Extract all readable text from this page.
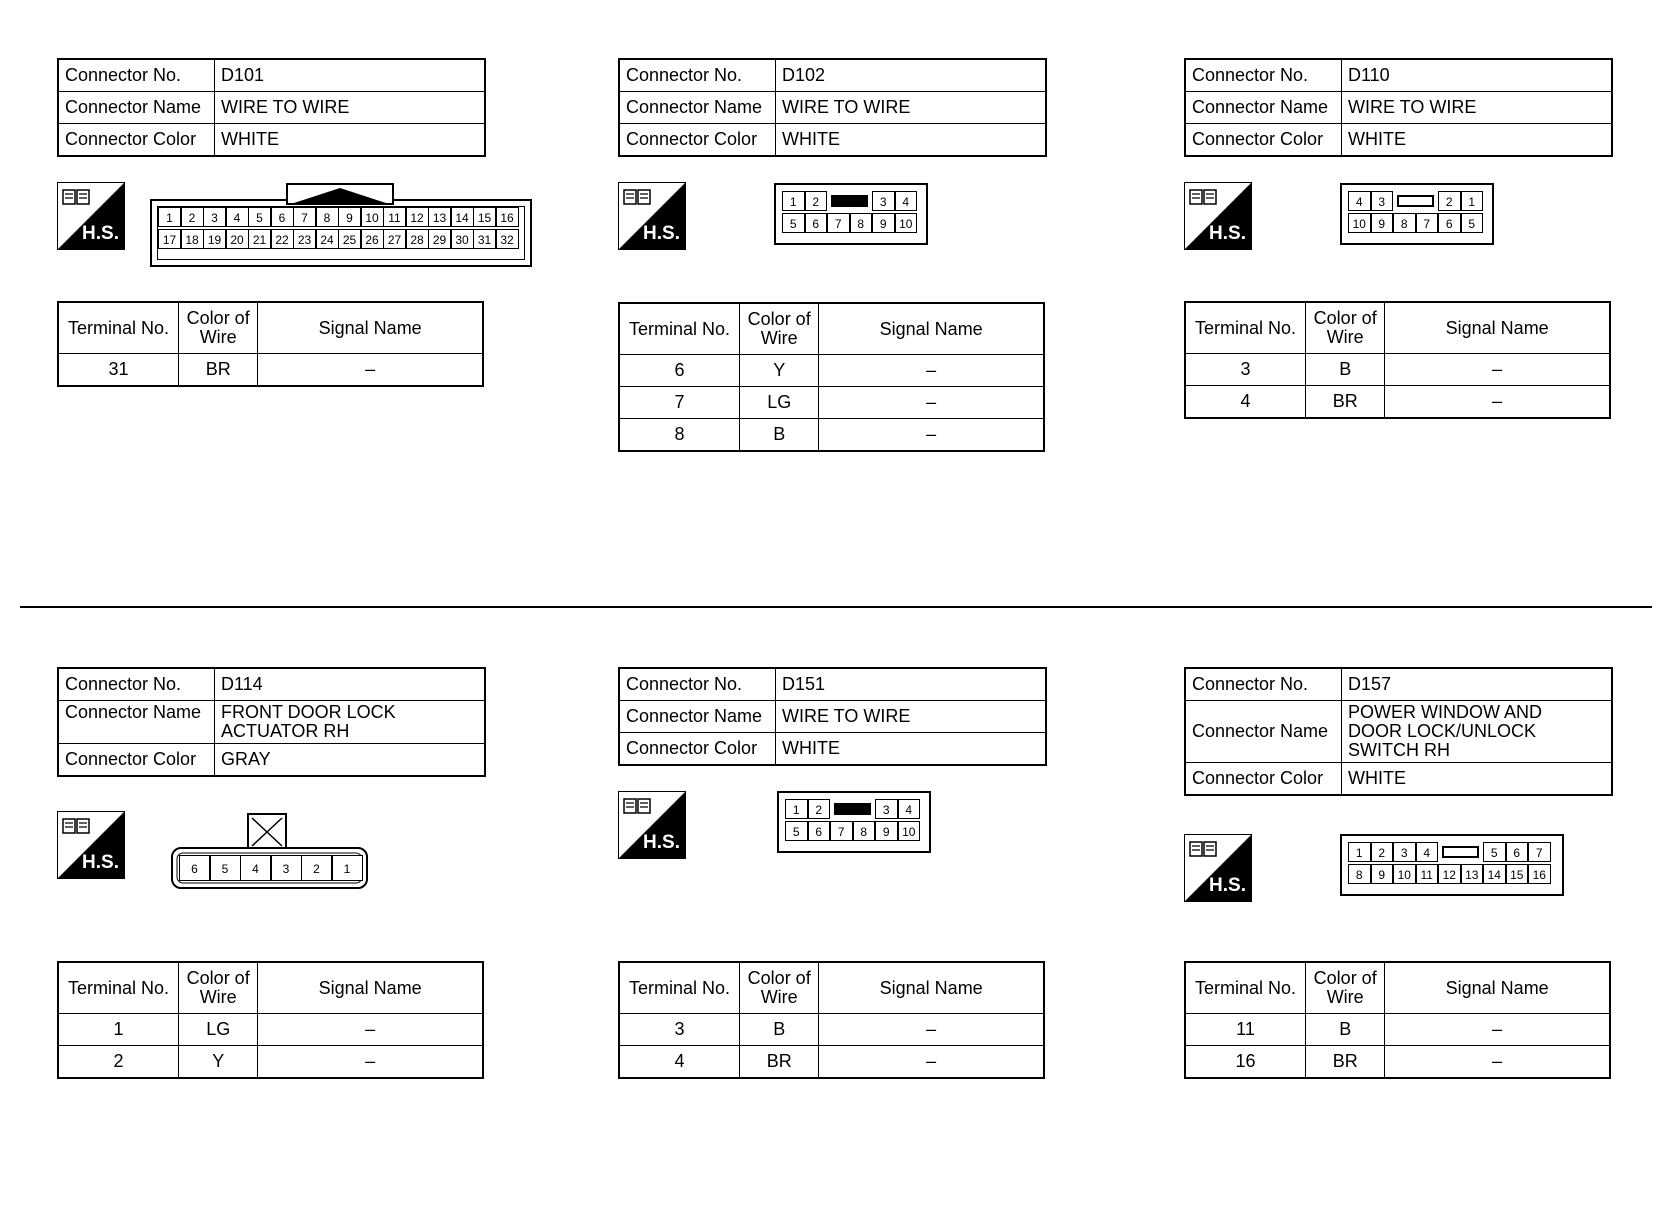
Connector No.	D101
Connector Name	WIRE TO WIRE
Connector Color	WHITE
H.S.
1	2	3	4	5	6	7	8	9	10 11 12 13 14 15 16
17 18 19 20 21 22 23 24 25 26 27 28 29 30 31 32
Terminal No.	Color of Wire	Signal Name
31	BR	–
Connector No.	D102
Connector Name	WIRE TO WIRE
Connector Color	WHITE
H.S.
1	2	3	4
5	6	7	8	9	10
Terminal No.	Color of Wire	Signal Name
6	Y	–
7	LG	–
8	B	–
Connector No.	D110
Connector Name	WIRE TO WIRE
Connector Color	WHITE
H.S.
4	3	2	1
10	9	8	7	6	5
Terminal No.	Color of Wire	Signal Name
3	B	–
4	BR	–
Connector No.	D114
Connector Name	FRONT DOOR LOCK ACTUATOR RH
Connector Color	GRAY
H.S.	6	5	4	3	2	1
Terminal No.	Color of Wire	Signal Name
1	LG	–
2	Y	–
Connector No.	D151
Connector Name	WIRE TO WIRE
Connector Color	WHITE
H.S.
1	2	3	4
5	6	7	8	9	10
Terminal No.	Color of Wire	Signal Name
3	B	–
4	BR	–
Connector No.	D157
Connector Name	POWER WINDOW AND DOOR LOCK/UNLOCK SWITCH RH
Connector Color	WHITE
H.S.
1	2	3	4	5	6	7
8	9	10 11 12 13 14 15 16
Terminal No.	Color of Wire	Signal Name
11	B	–
16	BR	–
